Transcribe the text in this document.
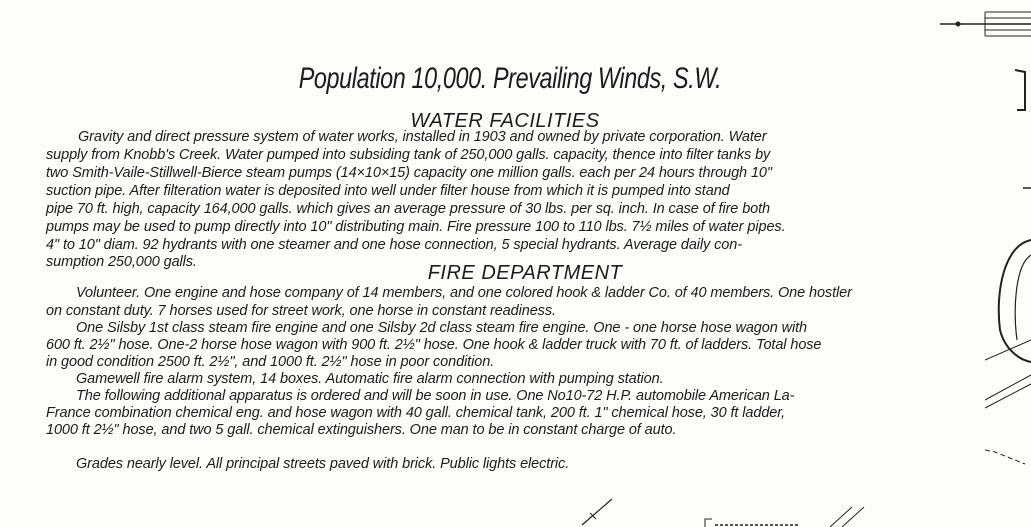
Population 10,000. Prevailing Winds, S.W.
WATER FACILITIES
Gravity and direct pressure system of water works, installed in 1903 and owned by private corporation. Water
supply from Knobb's Creek. Water pumped into subsiding tank of 250,000 galls. capacity, thence into filter tanks by
two Smith-Vaile-Stillwell-Bierce steam pumps (14×10×15) capacity one million galls. each per 24 hours through 10"
suction pipe. After filteration water is deposited into well under filter house from which it is pumped into stand
pipe 70 ft. high, capacity 164,000 galls. which gives an average pressure of 30 lbs. per sq. inch. In case of fire both
pumps may be used to pump directly into 10" distributing main. Fire pressure 100 to 110 lbs. 7½ miles of water pipes.
4" to 10" diam. 92 hydrants with one steamer and one hose connection, 5 special hydrants. Average daily con-
sumption 250,000 galls.	FIRE DEPARTMENT
Volunteer. One engine and hose company of 14 members, and one colored hook & ladder Co. of 40 members. One hostler
on constant duty. 7 horses used for street work, one horse in constant readiness.
One Silsby 1st class steam fire engine and one Silsby 2d class steam fire engine. One - one horse hose wagon with
600 ft. 2½" hose. One-2 horse hose wagon with 900 ft. 2½" hose. One hook & ladder truck with 70 ft. of ladders. Total hose
in good condition 2500 ft. 2½", and 1000 ft. 2½" hose in poor condition.
Gamewell fire alarm system, 14 boxes. Automatic fire alarm connection with pumping station.
The following additional apparatus is ordered and will be soon in use. One No10-72 H.P. automobile American La-
France combination chemical eng. and hose wagon with 40 gall. chemical tank, 200 ft. 1" chemical hose, 30 ft ladder,
1000 ft 2½" hose, and two 5 gall. chemical extinguishers. One man to be in constant charge of auto.
Grades nearly level. All principal streets paved with brick. Public lights electric.
